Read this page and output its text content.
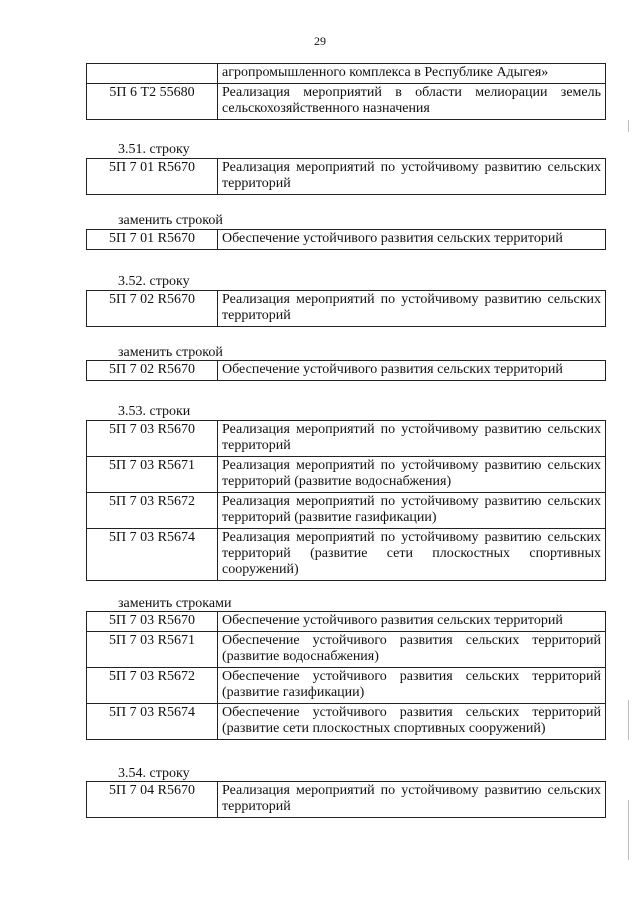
29
	агропромышленного комплекса в Республике Адыгея»
5П 6 Т2 55680	Реализация мероприятий в области мелиорации земель сельскохозяйственного назначения
3.51. строку
5П 7 01 R5670	Реализация мероприятий по устойчивому развитию сельских территорий
заменить строкой
5П 7 01 R5670	Обеспечение устойчивого развития сельских территорий
3.52. строку
5П 7 02 R5670	Реализация мероприятий по устойчивому развитию сельских территорий
заменить строкой
5П 7 02 R5670	Обеспечение устойчивого развития сельских территорий
3.53. строки
5П 7 03 R5670	Реализация мероприятий по устойчивому развитию сельских территорий
5П 7 03 R5671	Реализация мероприятий по устойчивому развитию сельских территорий (развитие водоснабжения)
5П 7 03 R5672	Реализация мероприятий по устойчивому развитию сельских территорий (развитие газификации)
5П 7 03 R5674	Реализация мероприятий по устойчивому развитию сельских территорий (развитие сети плоскостных спортивных сооружений)
заменить строками
5П 7 03 R5670	Обеспечение устойчивого развития сельских территорий
5П 7 03 R5671	Обеспечение устойчивого развития сельских территорий (развитие водоснабжения)
5П 7 03 R5672	Обеспечение устойчивого развития сельских территорий (развитие газификации)
5П 7 03 R5674	Обеспечение устойчивого развития сельских территорий (развитие сети плоскостных спортивных сооружений)
3.54. строку
5П 7 04 R5670	Реализация мероприятий по устойчивому развитию сельских территорий
